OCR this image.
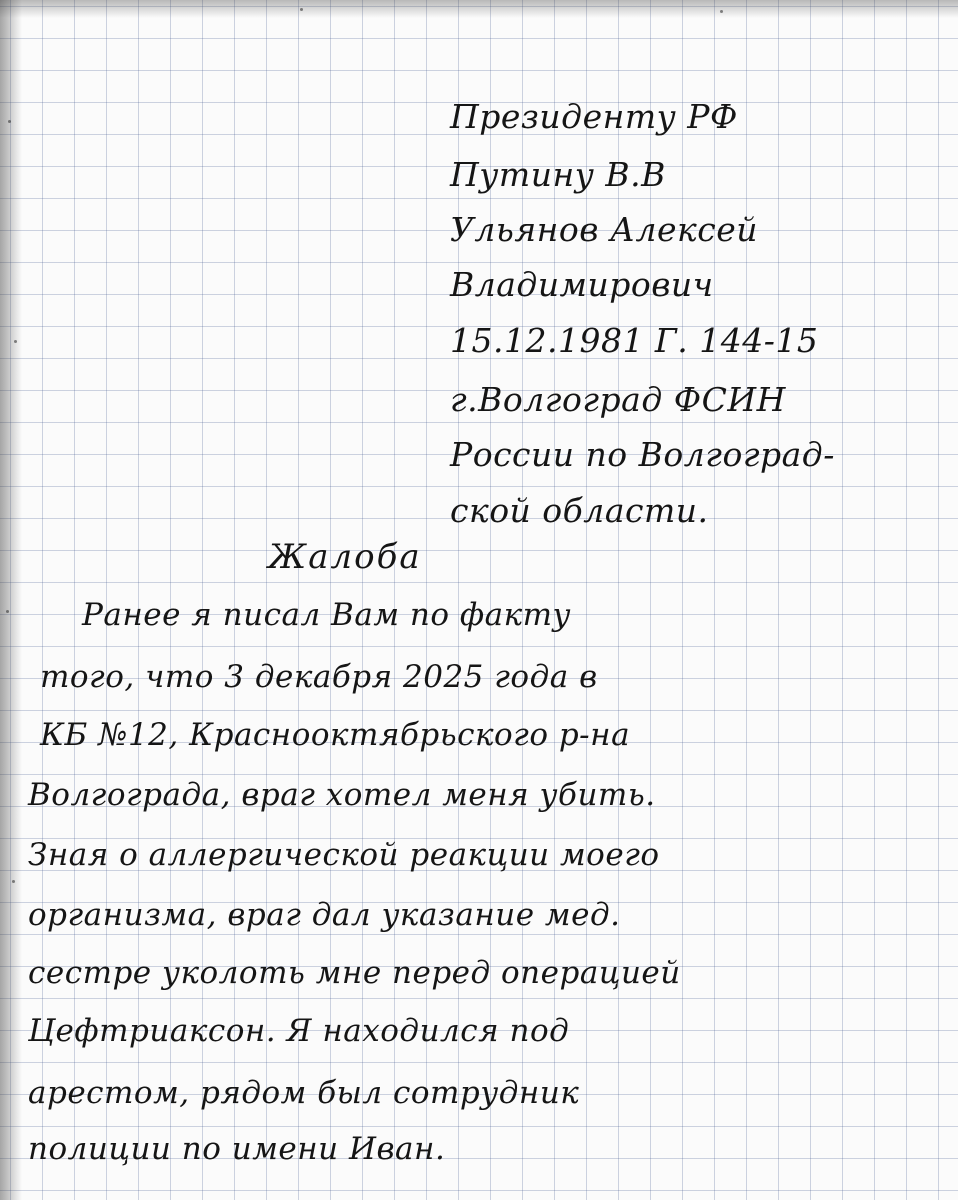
Президенту РФ

Путину В.В

Ульянов Алексей

Владимирович

15.12.1981 Г. 144-15

г.Волгоград ФСИН

России по Волгоград-

ской области.

Жалоба

Ранее я писал Вам по факту

того, что 3 декабря 2025 года в

КБ №12, Краснооктябрьского р-на

Волгограда, враг хотел меня убить.

Зная о аллергической реакции моего

организма, враг дал указание мед.

сестре уколоть мне перед операцией

Цефтриаксон. Я находился под

арестом, рядом был сотрудник

полиции по имени Иван.
